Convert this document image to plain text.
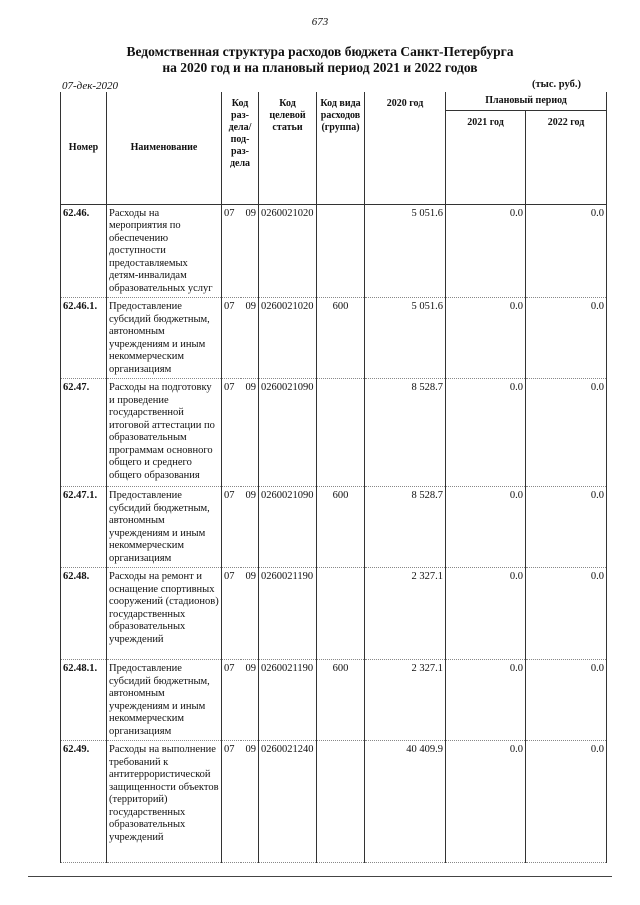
673
Ведомственная структура расходов бюджета Санкт-Петербурга
на 2020 год и на плановый период 2021 и 2022 годов
07-дек-2020	(тыс. руб.)
Номер	Наименование	Код раз-дела/ под-раз-дела		Код целевой статьи	Код вида расходов (группа)	2020 год	Плановый период	
							2021 год	2022 год
62.46.	Расходы на мероприятия по обеспечению доступности предоставляемых детям-инвалидам образовательных услуг	07	09	0260021020		5 051.6	0.0	0.0
62.46.1.	Предоставление субсидий бюджетным, автономным учреждениям и иным некоммерческим организациям	07	09	0260021020	600	5 051.6	0.0	0.0
62.47.	Расходы на подготовку и проведение государственной итоговой аттестации по образовательным программам основного общего и среднего общего образования	07	09	0260021090		8 528.7	0.0	0.0
62.47.1.	Предоставление субсидий бюджетным, автономным учреждениям и иным некоммерческим организациям	07	09	0260021090	600	8 528.7	0.0	0.0
62.48.	Расходы на ремонт и оснащение спортивных сооружений (стадионов) государственных образовательных учреждений	07	09	0260021190		2 327.1	0.0	0.0
62.48.1.	Предоставление субсидий бюджетным, автономным учреждениям и иным некоммерческим организациям	07	09	0260021190	600	2 327.1	0.0	0.0
62.49.	Расходы на выполнение требований к антитеррористической защищенности объектов (территорий) государственных образовательных учреждений	07	09	0260021240		40 409.9	0.0	0.0
